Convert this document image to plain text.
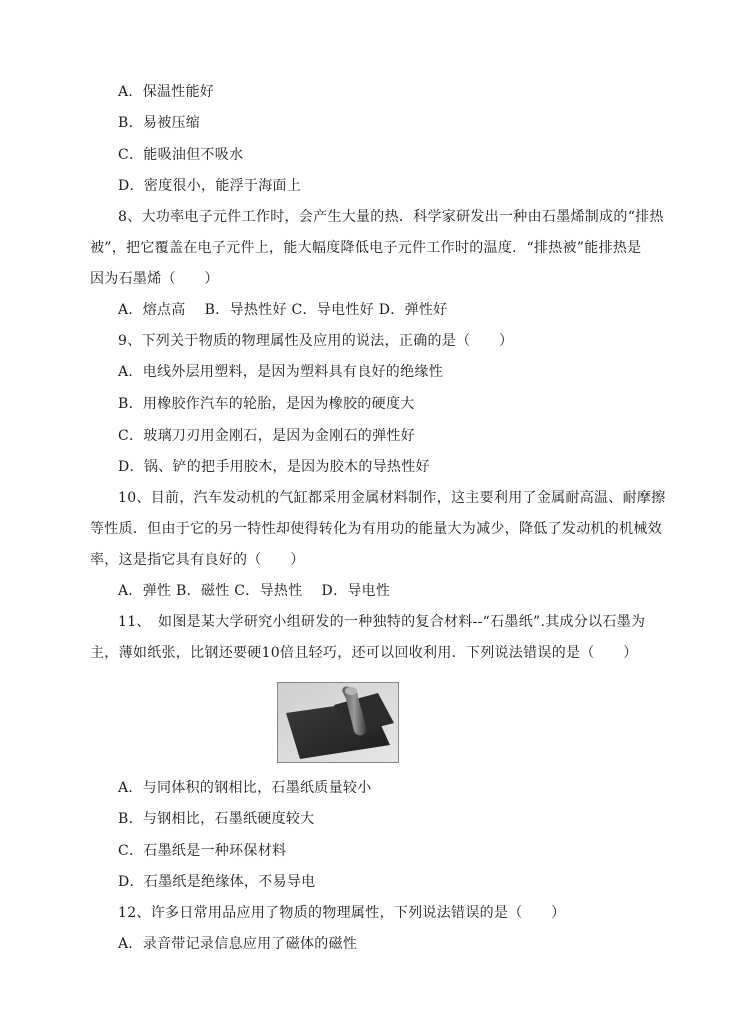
A．保温性能好
B．易被压缩
C．能吸油但不吸水
D．密度很小，能浮于海面上
8、大功率电子元件工作时，会产生大量的热．科学家研发出一种由石墨烯制成的“排热
被”，把它覆盖在电子元件上，能大幅度降低电子元件工作时的温度．“排热被”能排热是
因为石墨烯（　　）
A．熔点高　 B．导热性好 C．导电性好 D．弹性好
9、下列关于物质的物理属性及应用的说法，正确的是（　　）
A．电线外层用塑料，是因为塑料具有良好的绝缘性
B．用橡胶作汽车的轮胎，是因为橡胶的硬度大
C．玻璃刀刃用金刚石，是因为金刚石的弹性好
D．锅、铲的把手用胶木，是因为胶木的导热性好
10、目前，汽车发动机的气缸都采用金属材料制作，这主要利用了金属耐高温、耐摩擦
等性质．但由于它的另一特性却使得转化为有用功的能量大为减少，降低了发动机的机械效
率，这是指它具有良好的（　　）
A．弹性 B．磁性 C．导热性　 D．导电性
11、　如图是某大学研究小组研发的一种独特的复合材料--“石墨纸”.其成分以石墨为
主，薄如纸张，比钢还要硬10倍且轻巧，还可以回收利用．下列说法错误的是（　　）
A．与同体积的钢相比，石墨纸质量较小
B．与钢相比，石墨纸硬度较大
C．石墨纸是一种环保材料
D．石墨纸是绝缘体，不易导电
12、许多日常用品应用了物质的物理属性，下列说法错误的是（　　）
A．录音带记录信息应用了磁体的磁性
